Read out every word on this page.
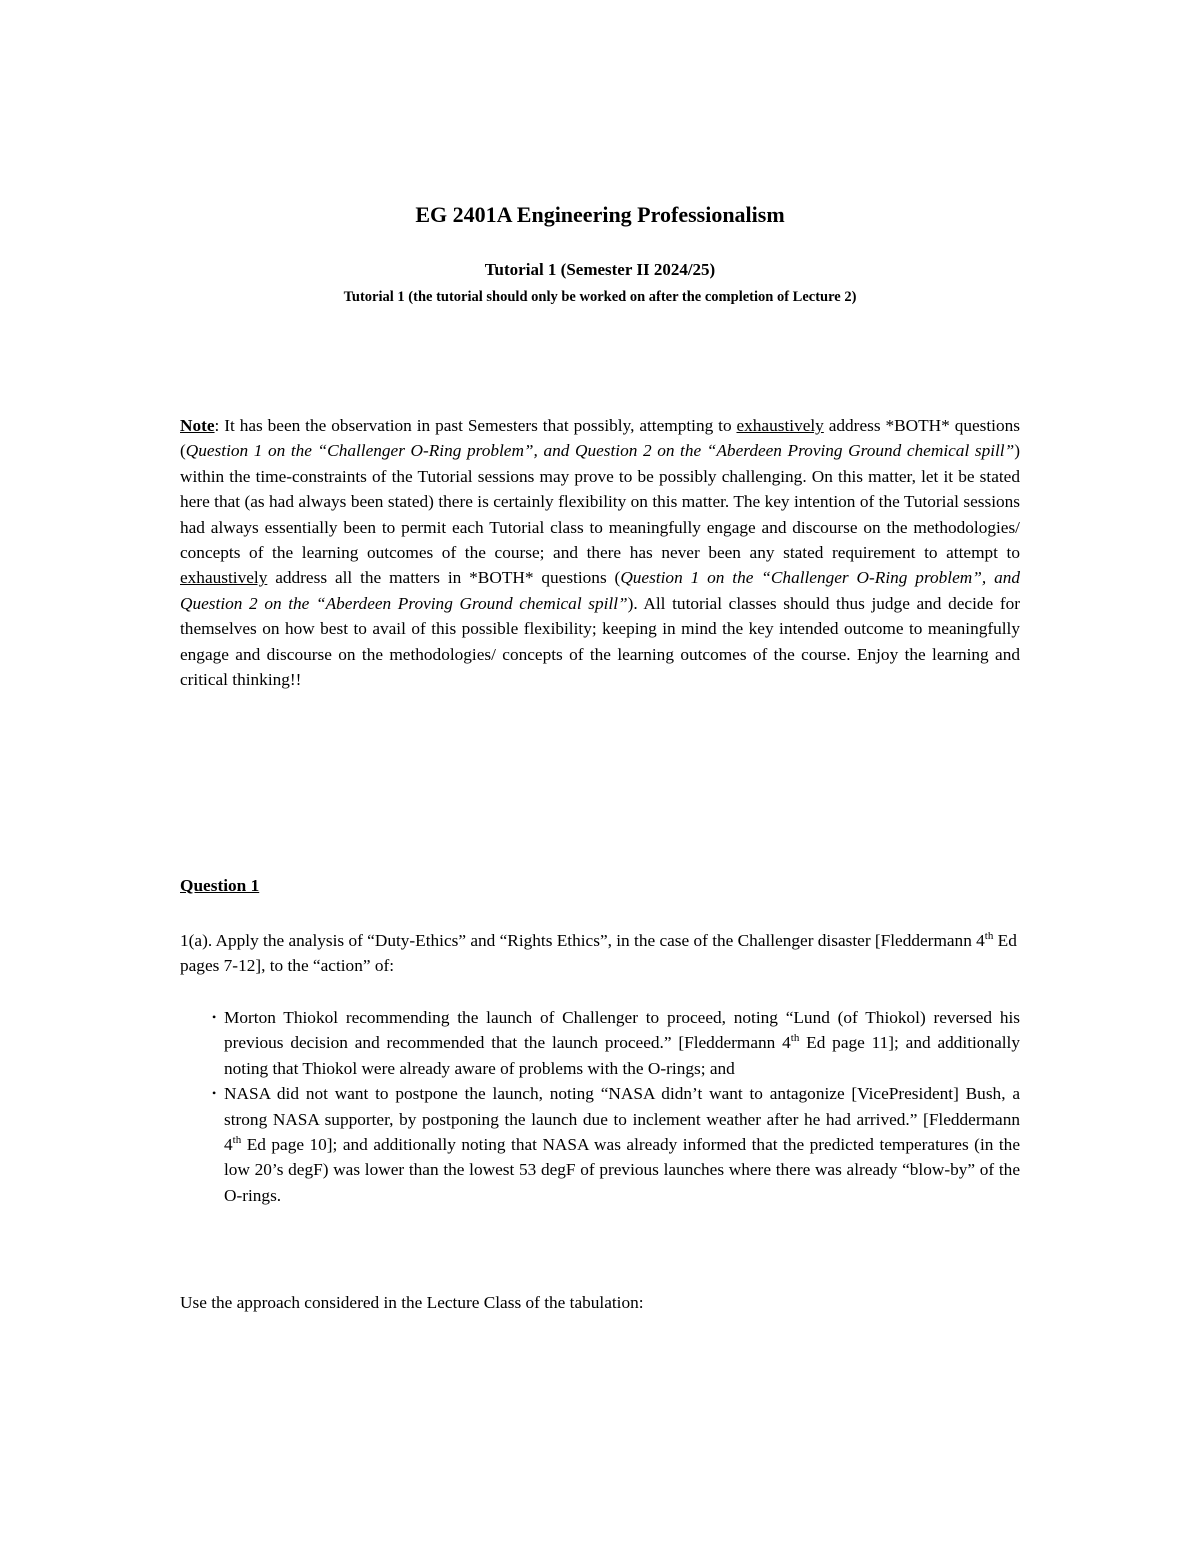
EG 2401A Engineering Professionalism

Tutorial 1 (Semester II 2024/25)

Tutorial 1 (the tutorial should only be worked on after the completion of Lecture 2)

Note: It has been the observation in past Semesters that possibly, attempting to exhaustively address *BOTH* questions (Question 1 on the “Challenger O-Ring problem”, and Question 2 on the “Aberdeen Proving Ground chemical spill”) within the time-constraints of the Tutorial sessions may prove to be possibly challenging. On this matter, let it be stated here that (as had always been stated) there is certainly flexibility on this matter. The key intention of the Tutorial sessions had always essentially been to permit each Tutorial class to meaningfully engage and discourse on the methodologies/ concepts of the learning outcomes of the course; and there has never been any stated requirement to attempt to exhaustively address all the matters in *BOTH* questions (Question 1 on the “Challenger O-Ring problem”, and Question 2 on the “Aberdeen Proving Ground chemical spill”). All tutorial classes should thus judge and decide for themselves on how best to avail of this possible flexibility; keeping in mind the key intended outcome to meaningfully engage and discourse on the methodologies/ concepts of the learning outcomes of the course. Enjoy the learning and critical thinking!!

Question 1

1(a). Apply the analysis of “Duty-Ethics” and “Rights Ethics”, in the case of the Challenger disaster [Fleddermann 4th Ed pages 7-12], to the “action” of:

• Morton Thiokol recommending the launch of Challenger to proceed, noting “Lund (of Thiokol) reversed his previous decision and recommended that the launch proceed.” [Fleddermann 4th Ed page 11]; and additionally noting that Thiokol were already aware of problems with the O-rings; and
• NASA did not want to postpone the launch, noting “NASA didn’t want to antagonize [VicePresident] Bush, a strong NASA supporter, by postponing the launch due to inclement weather after he had arrived.” [Fleddermann 4th Ed page 10]; and additionally noting that NASA was already informed that the predicted temperatures (in the low 20’s degF) was lower than the lowest 53 degF of previous launches where there was already “blow-by” of the O-rings.

Use the approach considered in the Lecture Class of the tabulation:
